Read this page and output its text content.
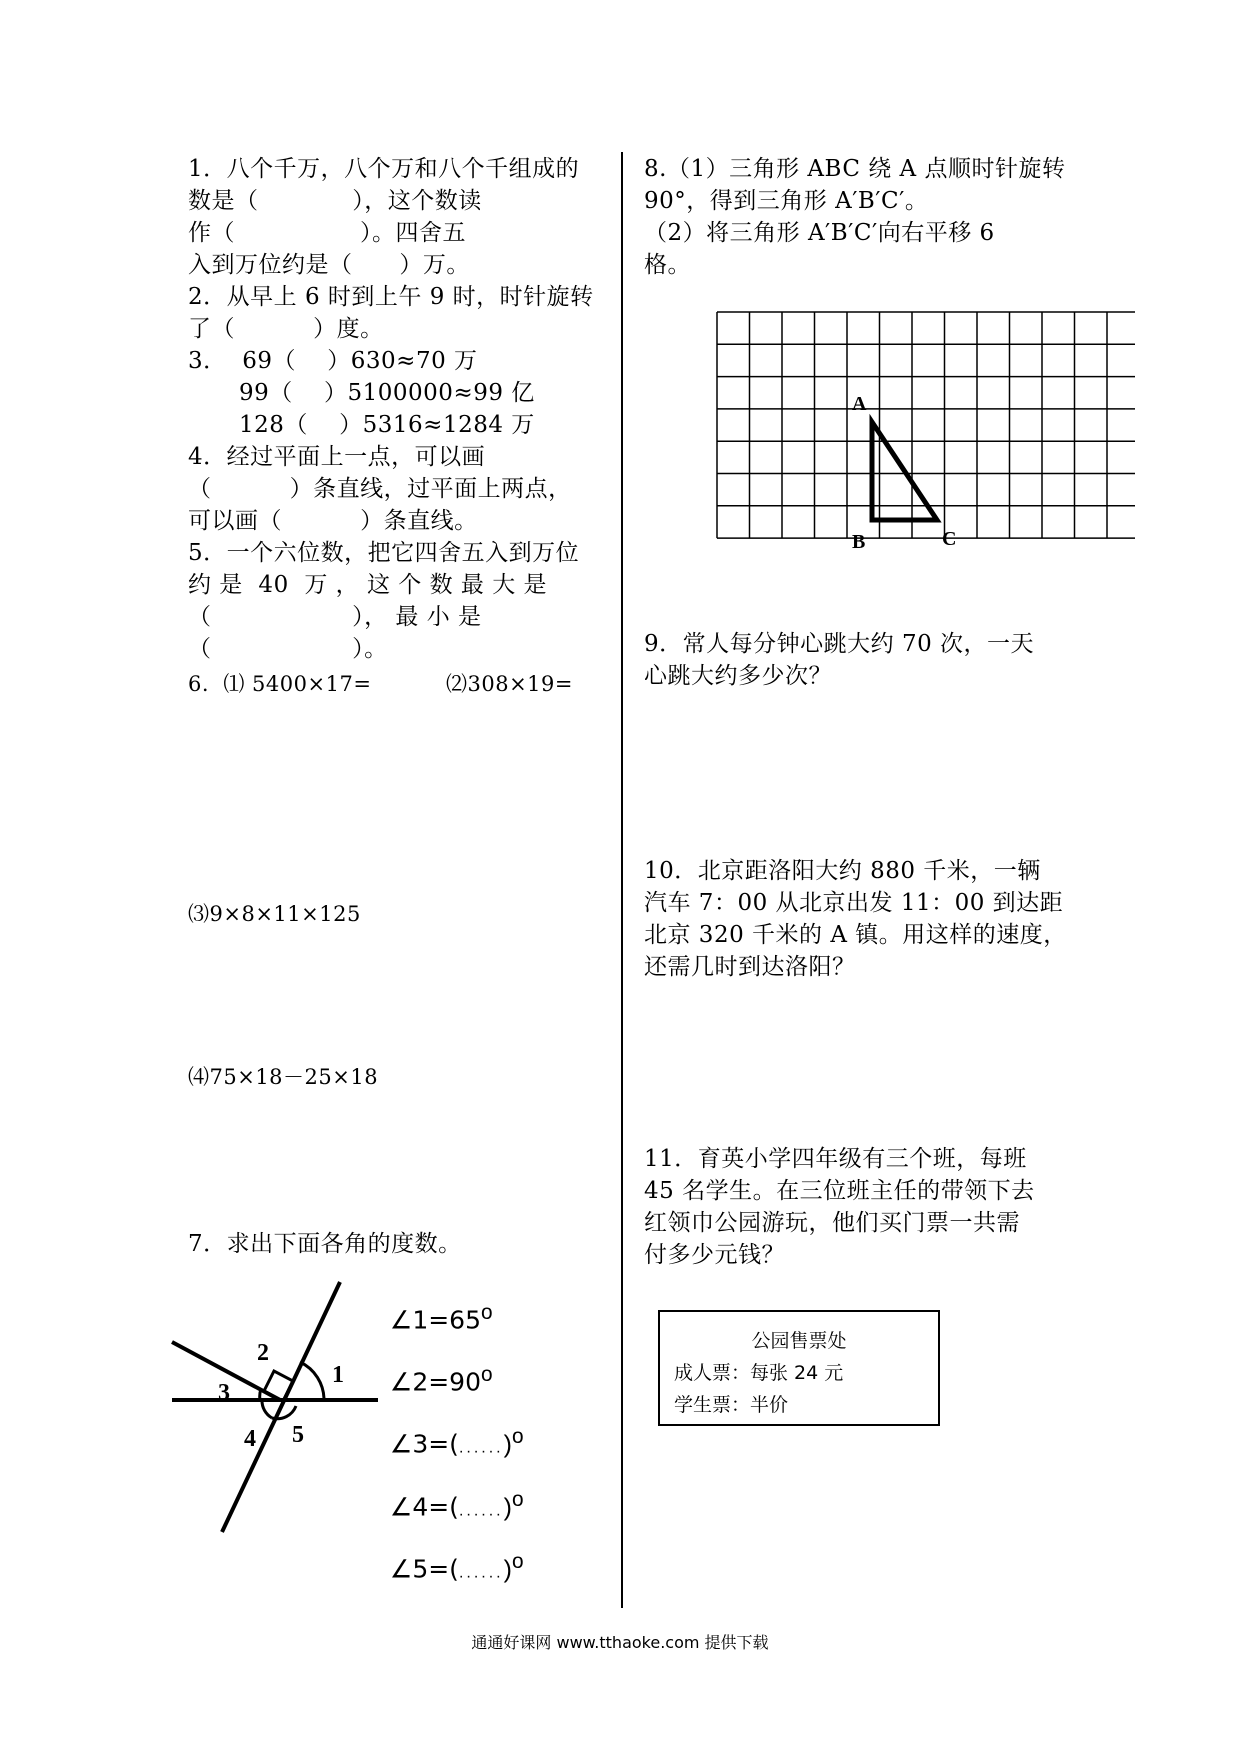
1．八个千万，八个万和八个千组成的
数是（            ），这个数读
作（                ）。四舍五
入到万位约是（      ）万。
2．从早上 6 时到上午 9 时，时针旋转
了（          ）度。
3．  69（    ）630≈70 万
99（    ）5100000≈99 亿
128（    ）5316≈1284 万
4．经过平面上一点，可以画
（          ）条直线，过平面上两点，
可以画（          ）条直线。
5．一个六位数，把它四舍五入到万位
约 是  40  万 ， 这 个 数 最 大 是
（                  ）， 最 小 是
（                  ）。
6.  ⑴ 5400×17=	⑵308×19=
⑶9×8×11×125
⑷75×18－25×18
7．求出下面各角的度数。
1
2
3
4 5

$\angle 1=65^o$

$\angle 2=90^o$

∠3=(......)$^o$

∠4=(......)$^o$

∠5=(......)$^o$

8.（1）三角形 ABC 绕 A 点顺时针旋转
90°，得到三角形 A′B′C′。
（2）将三角形 A′B′C′向右平移 6
格。
A
B	C
9．常人每分钟心跳大约 70 次，一天
心跳大约多少次？
10．北京距洛阳大约 880 千米，一辆
汽车 7：00 从北京出发 11：00 到达距
北京 320 千米的 A 镇。用这样的速度，
还需几时到达洛阳？
11．育英小学四年级有三个班，每班
45 名学生。在三位班主任的带领下去
红领巾公园游玩，他们买门票一共需
付多少元钱？
公园售票处
成人票：每张 24 元
学生票：半价
通通好课网 www.tthaoke.com 提供下载
